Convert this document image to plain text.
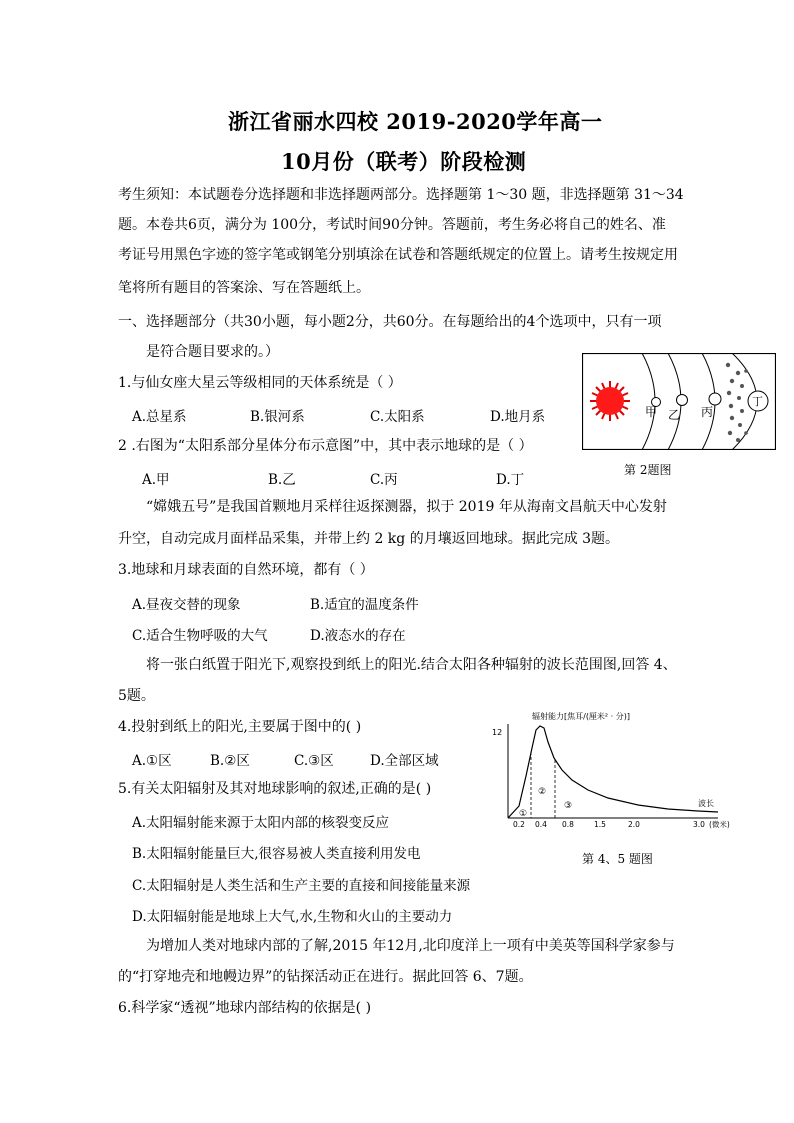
浙江省丽水四校 2019-2020学年高一
10月份（联考）阶段检测
考生须知：本试题卷分选择题和非选择题两部分。选择题第 1～30 题，非选择题第 31～34
题。本卷共6页，满分为 100分，考试时间90分钟。答题前，考生务必将自己的姓名、准
考证号用黑色字迹的签字笔或钢笔分别填涂在试卷和答题纸规定的位置上。请考生按规定用
笔将所有题目的答案涂、写在答题纸上。
一、选择题部分（共30小题，每小题2分，共60分。在每题给出的4个选项中，只有一项
是符合题目要求的。）
1.与仙女座大星云等级相同的天体系统是（ ）
A.总星系	B.银河系	C.太阳系	D.地月系	甲 乙 丙
丁
第 2题图
2 .右图为“太阳系部分星体分布示意图”中，其中表示地球的是（ ）
A.甲	B.乙	C.丙	D.丁
“嫦娥五号”是我国首颗地月采样往返探测器，拟于 2019 年从海南文昌航天中心发射
升空，自动完成月面样品采集，并带上约 2 kg 的月壤返回地球。据此完成 3题。
3.地球和月球表面的自然环境，都有（ ）
A.昼夜交替的现象	B.适宜的温度条件
C.适合生物呼吸的大气	D.液态水的存在
将一张白纸置于阳光下,观察投到纸上的阳光.结合太阳各种辐射的波长范围图,回答 4、
5题。
辐射能力[焦耳/(厘米² · 分)]
12
①
②
③	波长
0.2 0.4 0.8	1.5	2.0	3.0 (微米)
第 4、5 题图
4.投射到纸上的阳光,主要属于图中的( )
A.①区	B.②区	C.③区	D.全部区域
5.有关太阳辐射及其对地球影响的叙述,正确的是( )
A.太阳辐射能来源于太阳内部的核裂变反应
B.太阳辐射能量巨大,很容易被人类直接利用发电
C.太阳辐射是人类生活和生产主要的直接和间接能量来源
D.太阳辐射能是地球上大气,水,生物和火山的主要动力
为增加人类对地球内部的了解,2015 年12月,北印度洋上一项有中美英等国科学家参与
的“打穿地壳和地幔边界”的钻探活动正在进行。据此回答 6、7题。
6.科学家“透视”地球内部结构的依据是( )
